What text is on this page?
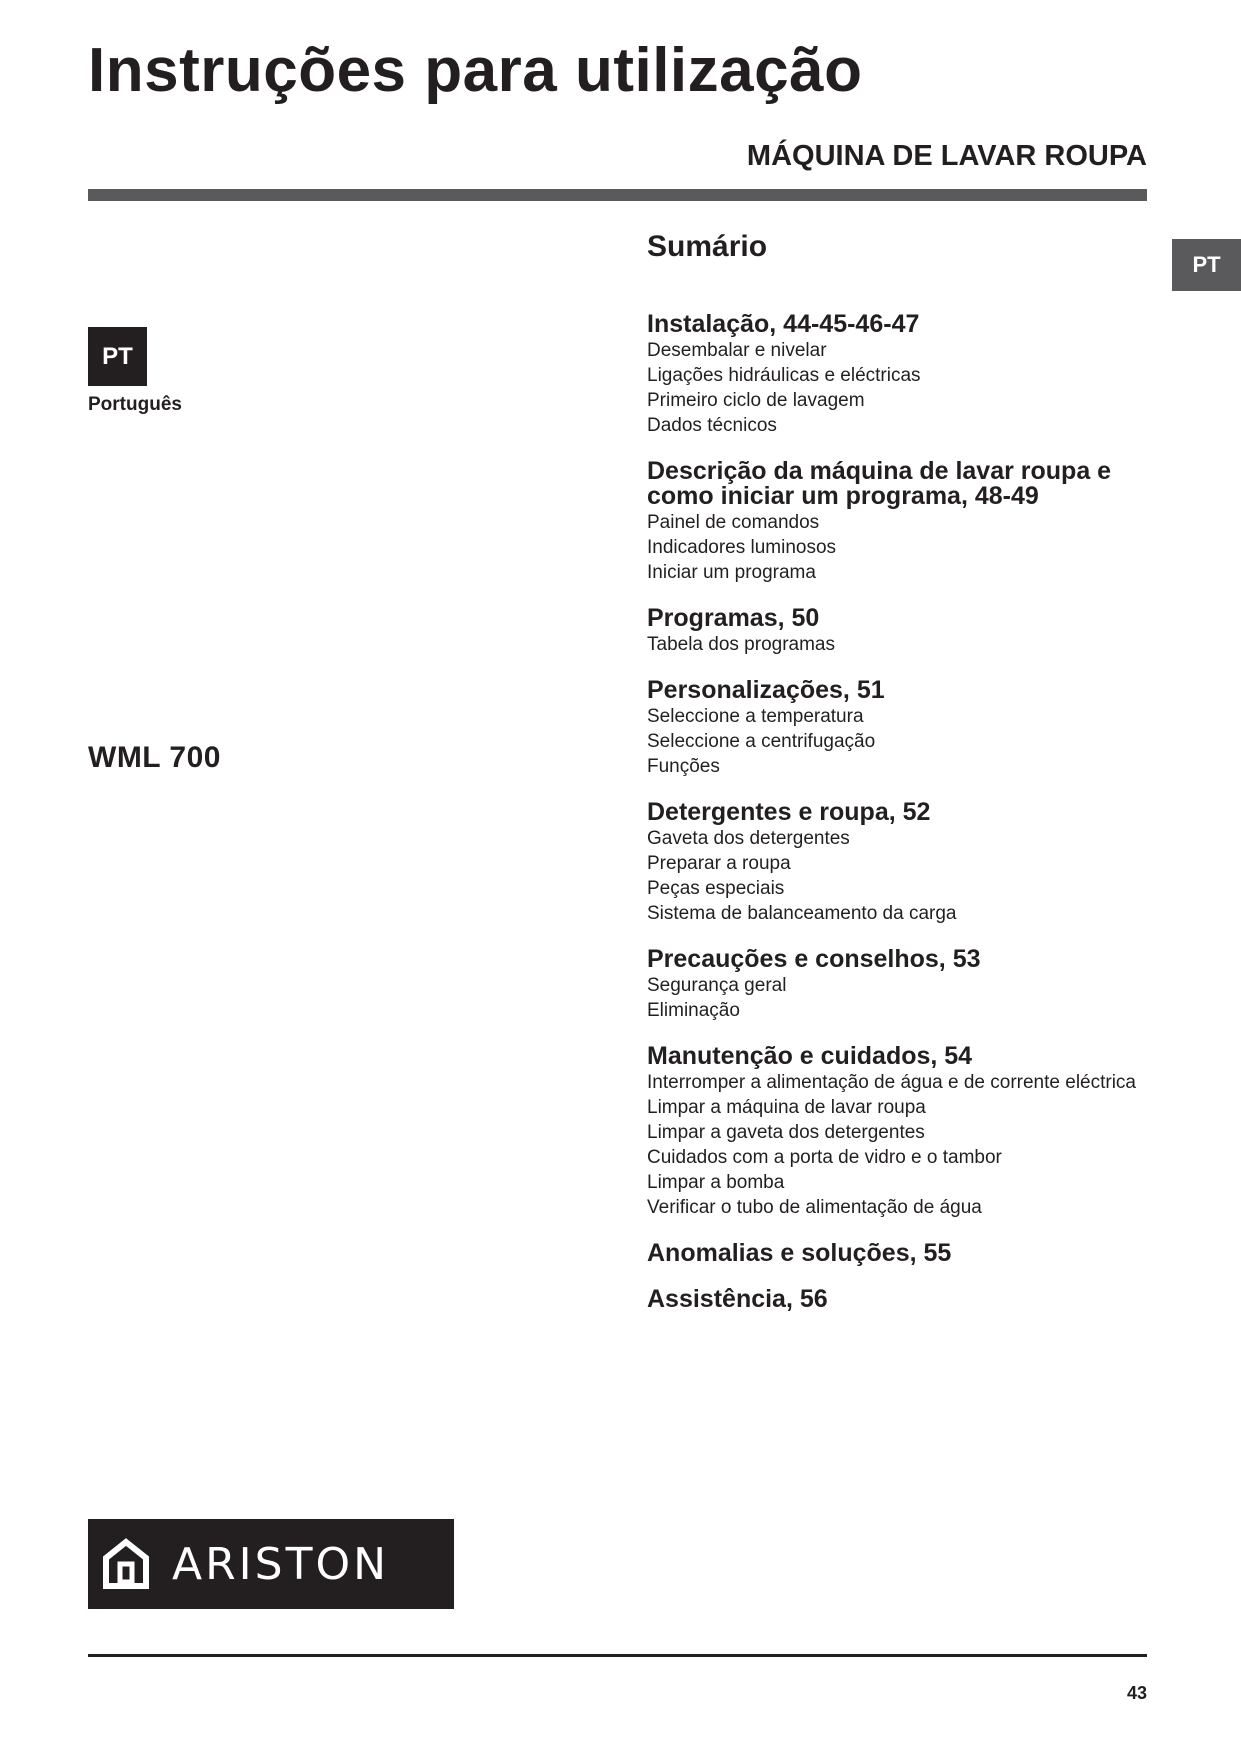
Instruções para utilização
MÁQUINA DE LAVAR ROUPA
PT
PT
Português
WML 700
Sumário
Instalação, 44-45-46-47
Desembalar e nivelar
Ligações hidráulicas e eléctricas
Primeiro ciclo de lavagem
Dados técnicos
Descrição da máquina de lavar roupa e como iniciar um programa, 48-49
Painel de comandos
Indicadores luminosos
Iniciar um programa
Programas, 50
Tabela dos programas
Personalizações, 51
Seleccione a temperatura
Seleccione a centrifugação
Funções
Detergentes e roupa, 52
Gaveta dos detergentes
Preparar a roupa
Peças especiais
Sistema de balanceamento da carga
Precauções e conselhos, 53
Segurança geral
Eliminação
Manutenção e cuidados, 54
Interromper a alimentação de água e de corrente eléctrica
Limpar a máquina de lavar roupa
Limpar a gaveta dos detergentes
Cuidados com a porta de vidro e o tambor
Limpar a bomba
Verificar o tubo de alimentação de água
Anomalias e soluções, 55
Assistência, 56
ARISTON
43
